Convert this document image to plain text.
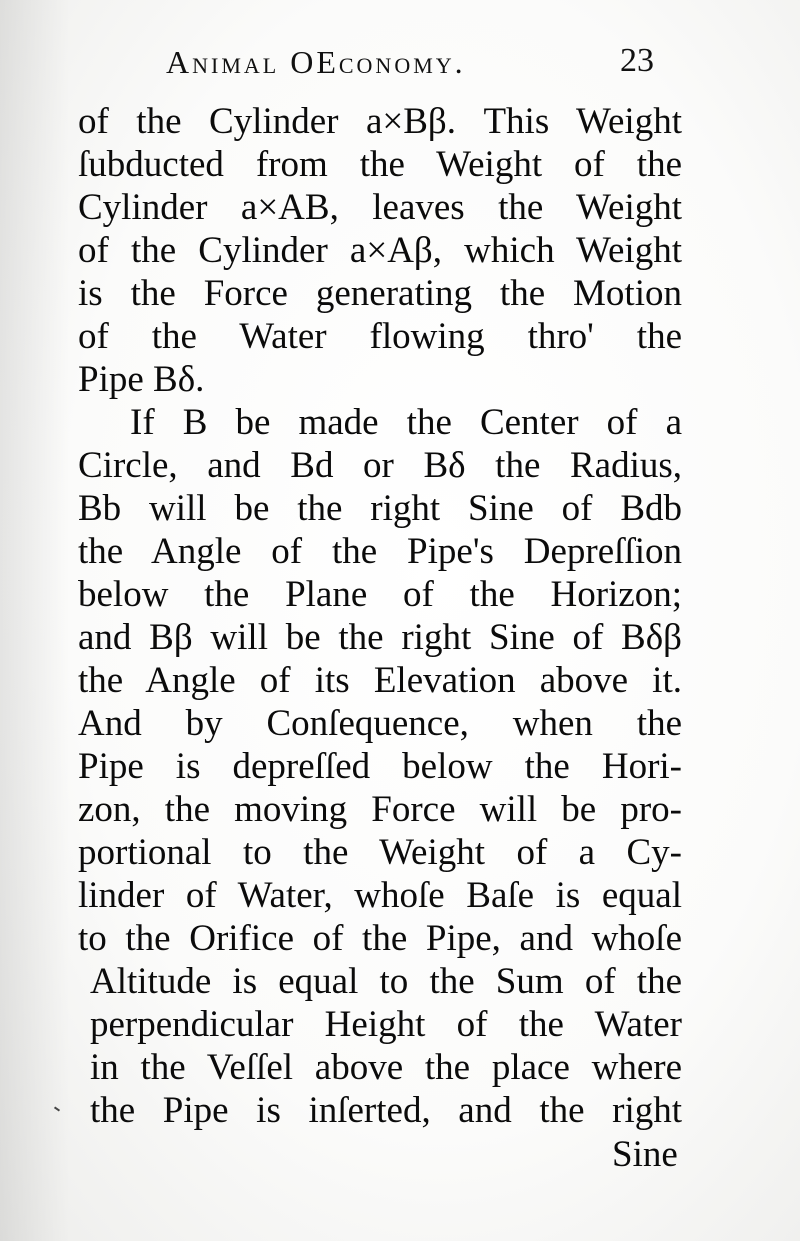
Animal OEconomy.	23
of the Cylinder a×Bβ. This Weight
ſubducted from the Weight of the
Cylinder a×AB, leaves the Weight
of the Cylinder a×Aβ, which Weight
is the Force generating the Motion
of the Water flowing thro' the
Pipe Bδ.
If B be made the Center of a
Circle, and Bd or Bδ the Radius,
Bb will be the right Sine of Bdb
the Angle of the Pipe's Depreſſion
below the Plane of the Horizon;
and Bβ will be the right Sine of Bδβ
the Angle of its Elevation above it.
And by Conſequence, when the
Pipe is depreſſed below the Hori-
zon, the moving Force will be pro-
portional to the Weight of a Cy-
linder of Water, whoſe Baſe is equal
to the Orifice of the Pipe, and whoſe
Altitude is equal to the Sum of the
perpendicular Height of the Water
in the Veſſel above the place where
the Pipe is inſerted, and the right
Sine
